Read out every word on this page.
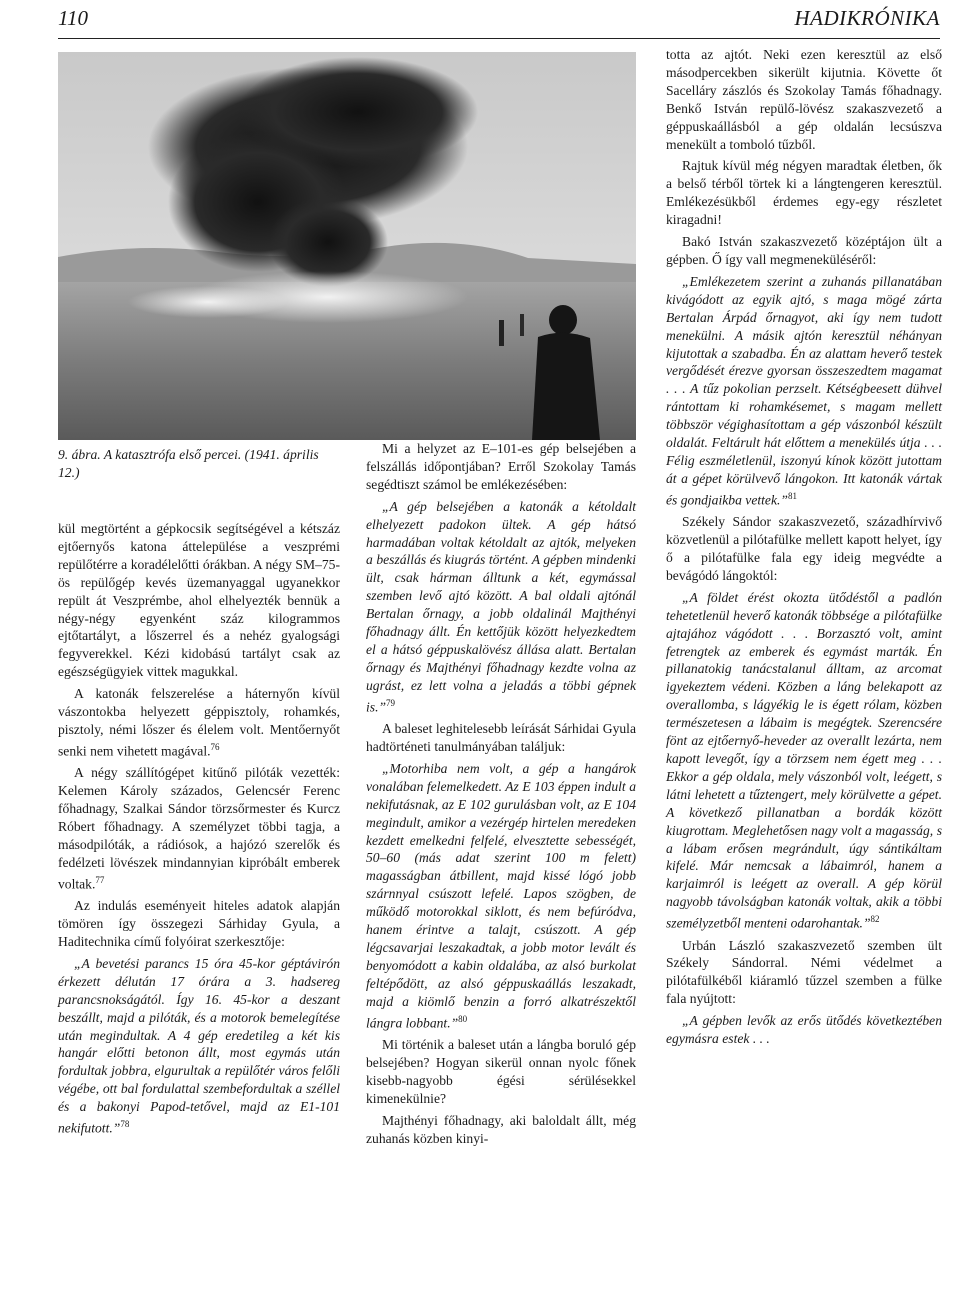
110	HADIKRÓNIKA
9. ábra. A katasztrófa első percei. (1941. április 12.)

kül megtörtént a gépkocsik segítségével a kétszáz ejtőernyős katona áttelepülése a veszprémi repülőtérre a koradélelőtti órákban. A négy SM–75-ös repülőgép kevés üzemanyaggal ugyanekkor repült át Veszprémbe, ahol elhelyezték bennük a négy-négy egyenként száz kilogrammos ejtőtartályt, a lőszerrel és a nehéz gyalogsági fegyverekkel. Kézi kidobású tartályt csak az egészségügyiek vittek magukkal.

A katonák felszerelése a háternyőn kívül vászontokba helyezett géppisztoly, rohamkés, pisztoly, némi lőszer és élelem volt. Mentőernyőt senki nem vihetett magával.$^{76}$

A négy szállítógépet kitűnő pilóták vezették: Kelemen Károly százados, Gelencsér Ferenc főhadnagy, Szalkai Sándor törzsőrmester és Kurcz Róbert főhadnagy. A személyzet többi tagja, a másodpilóták, a rádiósok, a hajózó szerelők és fedélzeti lövészek mindannyian kipróbált emberek voltak.$^{77}$

Az indulás eseményeit hiteles adatok alapján tömören így összegezi Sárhiday Gyula, a Haditechnika című folyóirat szerkesztője:

„A bevetési parancs 15 óra 45-kor géptávirón érkezett délután 17 órára a 3. hadsereg parancsnokságától. Így 16. 45-kor a deszant beszállt, majd a pilóták, és a motorok bemelegítése után megindultak. A 4 gép eredetileg a két kis hangár előtti betonon állt, most egymás után fordultak jobbra, elgurultak a repülőtér város felőli végébe, ott bal fordulattal szembefordultak a széllel és a bakonyi Papod-tetővel, majd az E1-101 nekifutott.”$^{78}$

Mi a helyzet az E–101-es gép belsejében a felszállás időpontjában? Erről Szokolay Tamás segédtiszt számol be emlékezésében:

„A gép belsejében a katonák a kétoldalt elhelyezett padokon ültek. A gép hátsó harmadában voltak kétoldalt az ajtók, melyeken a beszállás és kiugrás történt. A gépben mindenki ült, csak hárman álltunk a két, egymással szemben levő ajtó között. A bal oldali ajtónál Bertalan őrnagy, a jobb oldalinál Majthényi főhadnagy állt. Én kettőjük között helyezkedtem el a hátsó géppuskalövész állása alatt. Bertalan őrnagy és Majthényi főhadnagy kezdte volna az ugrást, ez lett volna a jeladás a többi gépnek is.”$^{79}$

A baleset leghitelesebb leírását Sárhidai Gyula hadtörténeti tanulmányában találjuk:

„Motorhiba nem volt, a gép a hangárok vonalában felemelkedett. Az E 103 éppen indult a nekifutásnak, az E 102 gurulásban volt, az E 104 megindult, amikor a vezérgép hirtelen meredeken kezdett emelkedni felfelé, elvesztette sebességét, 50–60 (más adat szerint 100 m felett) magasságban átbillent, majd kissé lógó jobb szárnnyal csúszott lefelé. Lapos szögben, de működő motorokkal siklott, és nem befúródva, hanem érintve a talajt, csúszott. A gép légcsavarjai leszakadtak, a jobb motor levált és benyomódott a kabin oldalába, az alsó burkolat feltépődött, az alsó géppuskaállás leszakadt, majd a kiömlő benzin a forró alkatrészektől lángra lobbant.”$^{80}$

Mi történik a baleset után a lángba boruló gép belsejében? Hogyan sikerül onnan nyolc főnek kisebb-nagyobb égési sérülésekkel kimenekülnie?

Majthényi főhadnagy, aki baloldalt állt, még zuhanás közben kinyi-

totta az ajtót. Neki ezen keresztül az első másodpercekben sikerült kijutnia. Követte őt Sacelláry zászlós és Szokolay Tamás főhadnagy. Benkő István repülő-lövész szakaszvezető a géppuskaállásból a gép oldalán lecsúszva menekült a tomboló tűzből.

Rajtuk kívül még négyen maradtak életben, ők a belső térből törtek ki a lángtengeren keresztül. Emlékezésükből érdemes egy-egy részletet kiragadni!

Bakó István szakaszvezető középtájon ült a gépben. Ő így vall megmeneküléséről:

„Emlékezetem szerint a zuhanás pillanatában kivágódott az egyik ajtó, s maga mögé zárta Bertalan Árpád őrnagyot, aki így nem tudott menekülni. A másik ajtón keresztül néhányan kijutottak a szabadba. Én az alattam heverő testek vergődését érezve gyorsan összeszedtem magamat . . . A tűz pokolian perzselt. Kétségbeesett dühvel rántottam ki rohamkésemet, s magam mellett többször végighasítottam a gép vászonból készült oldalát. Feltárult hát előttem a menekülés útja . . . Félig eszméletlenül, iszonyú kínok között jutottam át a gépet körülvevő lángokon. Itt katonák vártak és gondjaikba vettek.”$^{81}$

Székely Sándor szakaszvezető, századhírvivő közvetlenül a pilótafülke mellett kapott helyet, így ő a pilótafülke fala egy ideig megvédte a bevágódó lángoktól:

„A földet érést okozta ütődéstől a padlón tehetetlenül heverő katonák többsége a pilótafülke ajtajához vágódott . . . Borzasztó volt, amint fetrengtek az emberek és egymást marták. Én pillanatokig tanácstalanul álltam, az arcomat igyekeztem védeni. Közben a láng belekapott az overallomba, s lágyékig le is égett rólam, közben természetesen a lábaim is megégtek. Szerencsére fönt az ejtőernyő-heveder az overallt lezárta, nem kapott levegőt, így a törzsem nem égett meg . . . Ekkor a gép oldala, mely vászonból volt, leégett, s látni lehetett a tűztengert, mely körülvette a gépet. A következő pillanatban a bordák között kiugrottam. Meglehetősen nagy volt a magasság, s a lábam erősen megrándult, úgy sántikáltam kifelé. Már nemcsak a lábaimról, hanem a karjaimról is leégett az overall. A gép körül nagyobb távolságban katonák voltak, akik a többi személyzetből menteni odarohantak.”$^{82}$

Urbán László szakaszvezető szemben ült Székely Sándorral. Némi védelmet a pilótafülkéből kiáramló tűzzel szemben a fülke fala nyújtott:

„A gépben levők az erős ütődés következtében egymásra estek . . .
